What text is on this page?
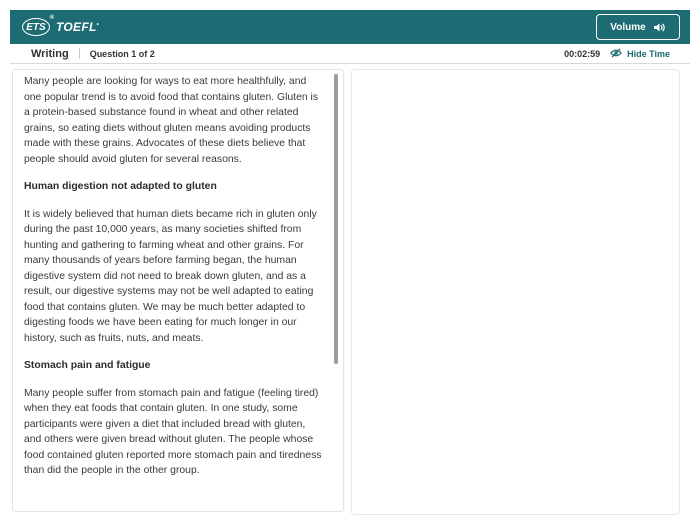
ETS
®
TOEFL•	Volume
Writing Question 1 of 2	00:02:59	Hide Time

Many people are looking for ways to eat more healthfully, and one popular trend is to avoid food that contains gluten. Gluten is a protein-based substance found in wheat and other related grains, so eating diets without gluten means avoiding products made with these grains. Advocates of these diets believe that people should avoid gluten for several reasons.

Human digestion not adapted to gluten

It is widely believed that human diets became rich in gluten only during the past 10,000 years, as many societies shifted from hunting and gathering to farming wheat and other grains. For many thousands of years before farming began, the human digestive system did not need to break down gluten, and as a result, our digestive systems may not be well adapted to eating food that contains gluten. We may be much better adapted to digesting foods we have been eating for much longer in our history, such as fruits, nuts, and meats.

Stomach pain and fatigue

Many people suffer from stomach pain and fatigue (feeling tired) when they eat foods that contain gluten. In one study, some participants were given a diet that included bread with gluten, and others were given bread without gluten. The people whose food contained gluten reported more stomach pain and tiredness than did the people in the other group.
